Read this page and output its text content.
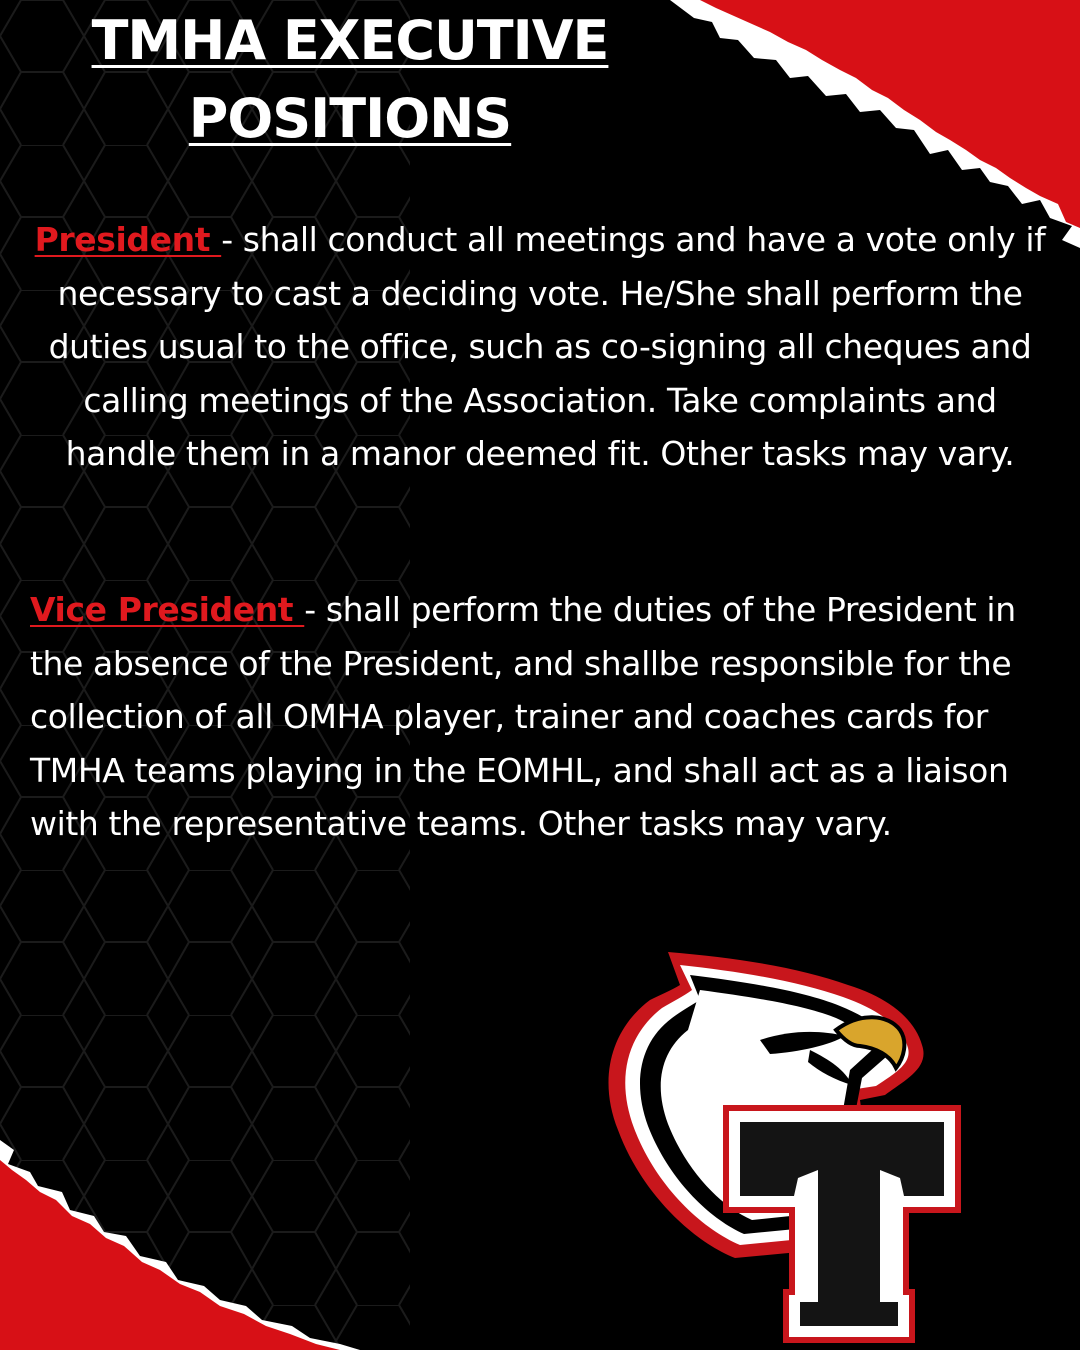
TMHA EXECUTIVE POSITIONS

President - shall conduct all meetings and have a vote only if necessary to cast a deciding vote. He/She shall perform the duties usual to the office, such as co-signing all cheques and calling meetings of the Association. Take complaints and handle them in a manor deemed fit. Other tasks may vary.

Vice President - shall perform the duties of the President in the absence of the President, and shallbe responsible for the collection of all OMHA player, trainer and coaches cards for TMHA teams playing in the EOMHL, and shall act as a liaison with the representative teams. Other tasks may vary.
